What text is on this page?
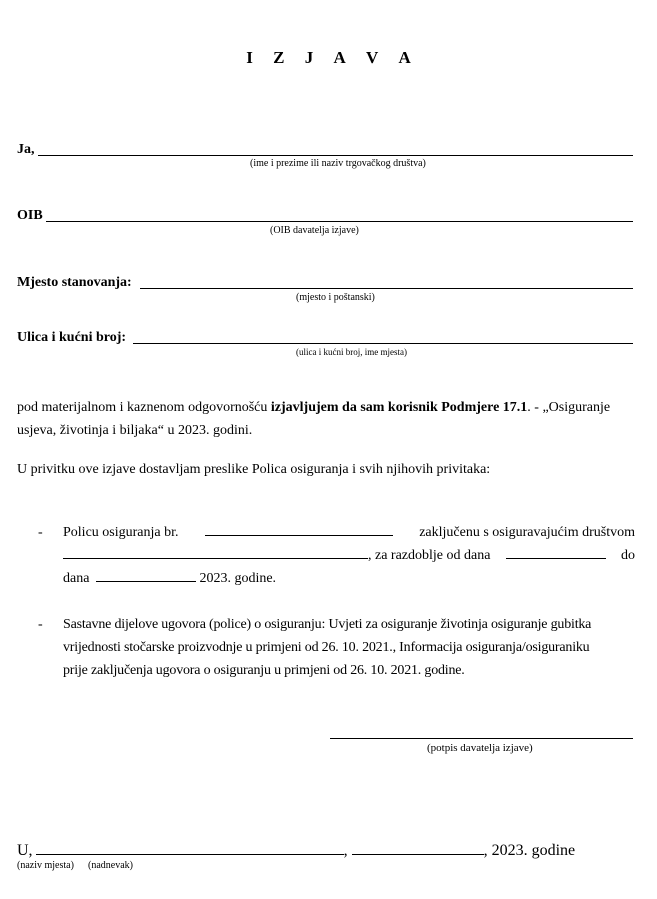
I Z J A V A
Ja,
(ime i prezime ili naziv trgovačkog društva)
OIB
(OIB davatelja izjave)
Mjesto stanovanja:
(mjesto i poštanski)
Ulica i kućni broj:
(ulica i kućni broj, ime mjesta)
pod materijalnom i kaznenom odgovornošću izjavljujem da sam korisnik Podmjere 17.1. - „Osiguranje
usjeva, životinja i biljaka“ u 2023. godini.
U privitku ove izjave dostavljam preslike Polica osiguranja i svih njihovih privitaka:
- Policu osiguranja br.	zaključenu s osiguravajućim društvom
, za razdoblje od dana	do
dana	2023. godine.
- Sastavne dijelove ugovora (police) o osiguranju: Uvjeti za osiguranje životinja osiguranje gubitka
vrijednosti stočarske proizvodnje u primjeni od 26. 10. 2021., Informacija osiguranja/osiguraniku
prije zaključenja ugovora o osiguranju u primjeni od 26. 10. 2021. godine.
(potpis davatelja izjave)
U,	,	, 2023. godine
(naziv mjesta) (nadnevak)
